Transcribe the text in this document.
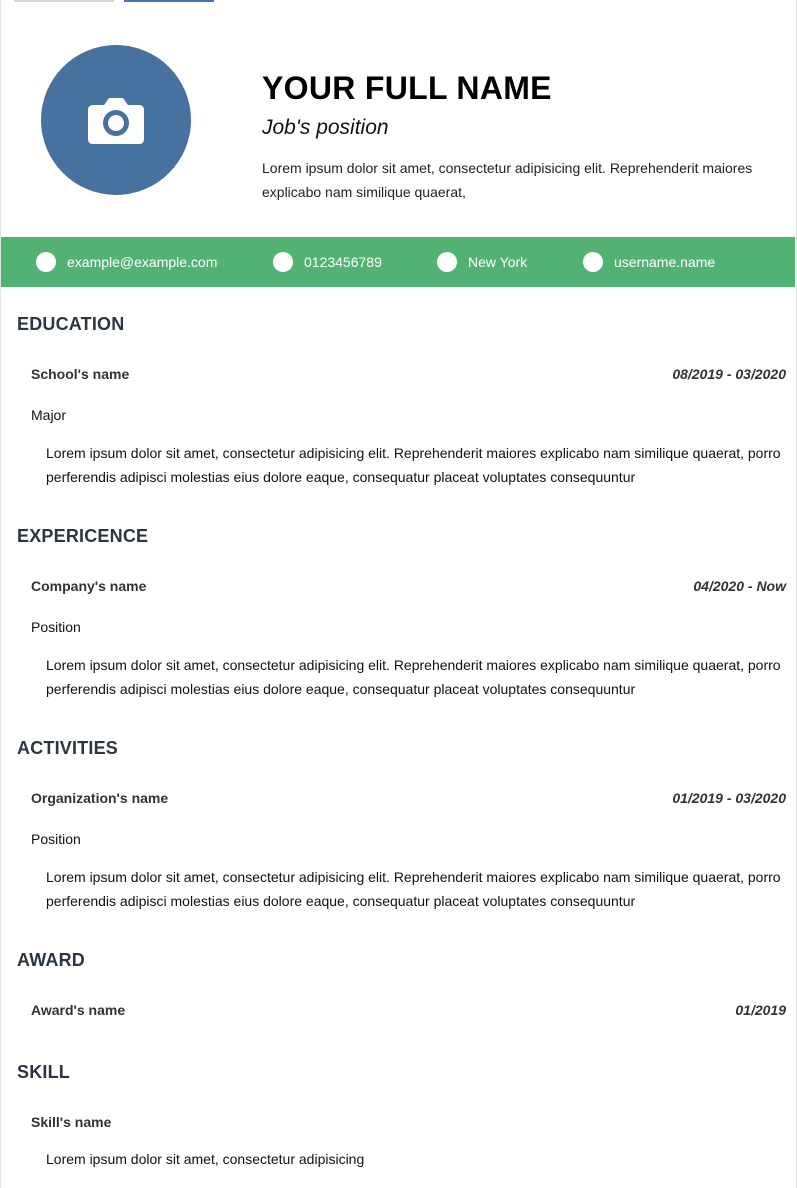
YOUR FULL NAME
Job's position
Lorem ipsum dolor sit amet, consectetur adipisicing elit. Reprehenderit maiores explicabo nam similique quaerat,
example@example.com	0123456789	New York	username.name
EDUCATION
School's name	08/2019 - 03/2020
Major
Lorem ipsum dolor sit amet, consectetur adipisicing elit. Reprehenderit maiores explicabo nam similique quaerat, porro perferendis adipisci molestias eius dolore eaque, consequatur placeat voluptates consequuntur
EXPERICENCE
Company's name	04/2020 - Now
Position
Lorem ipsum dolor sit amet, consectetur adipisicing elit. Reprehenderit maiores explicabo nam similique quaerat, porro perferendis adipisci molestias eius dolore eaque, consequatur placeat voluptates consequuntur
ACTIVITIES
Organization's name	01/2019 - 03/2020
Position
Lorem ipsum dolor sit amet, consectetur adipisicing elit. Reprehenderit maiores explicabo nam similique quaerat, porro perferendis adipisci molestias eius dolore eaque, consequatur placeat voluptates consequuntur
AWARD
Award's name	01/2019
SKILL
Skill's name
Lorem ipsum dolor sit amet, consectetur adipisicing
